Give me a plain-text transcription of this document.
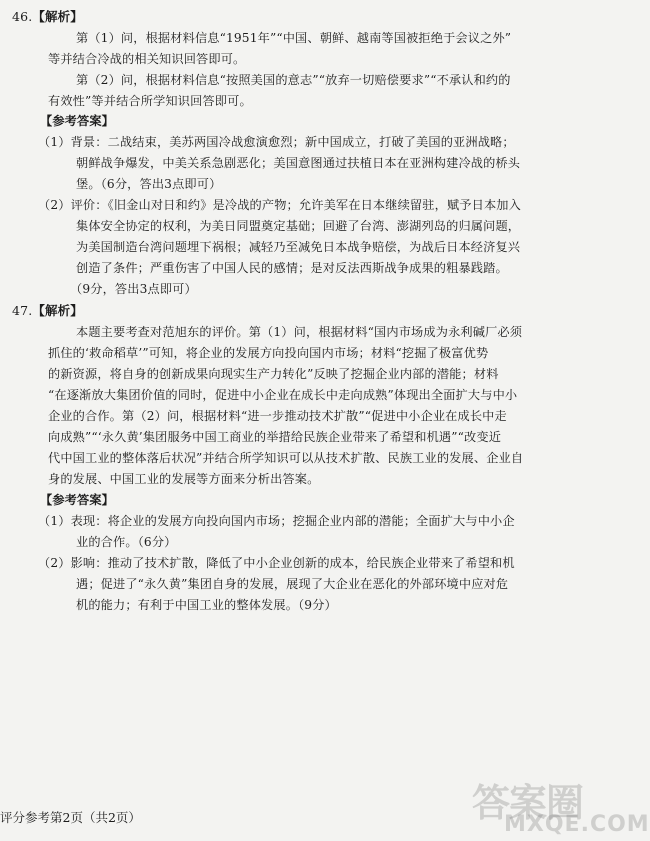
46.【解析】
第（1）问，根据材料信息“1951年”“中国、朝鲜、越南等国被拒绝于会议之外”
等并结合冷战的相关知识回答即可。
第（2）问，根据材料信息“按照美国的意志”“放弃一切赔偿要求”“不承认和约的
有效性”等并结合所学知识回答即可。
【参考答案】
（1）背景：二战结束，美苏两国冷战愈演愈烈；新中国成立，打破了美国的亚洲战略；
朝鲜战争爆发，中美关系急剧恶化；美国意图通过扶植日本在亚洲构建冷战的桥头
堡。（6分，答出3点即可）
（2）评价：《旧金山对日和约》是冷战的产物；允许美军在日本继续留驻，赋予日本加入
集体安全协定的权利，为美日同盟奠定基础；回避了台湾、澎湖列岛的归属问题，
为美国制造台湾问题埋下祸根；减轻乃至减免日本战争赔偿，为战后日本经济复兴
创造了条件；严重伤害了中国人民的感情；是对反法西斯战争成果的粗暴践踏。
（9分，答出3点即可）
47.【解析】
本题主要考查对范旭东的评价。第（1）问，根据材料“国内市场成为永利碱厂必须
抓住的‘救命稻草’”可知，将企业的发展方向投向国内市场；材料“挖掘了极富优势
的新资源，将自身的创新成果向现实生产力转化”反映了挖掘企业内部的潜能；材料
“在逐渐放大集团价值的同时，促进中小企业在成长中走向成熟”体现出全面扩大与中小
企业的合作。第（2）问，根据材料“进一步推动技术扩散”“促进中小企业在成长中走
向成熟”“‘永久黄’集团服务中国工商业的举措给民族企业带来了希望和机遇”“改变近
代中国工业的整体落后状况”并结合所学知识可以从技术扩散、民族工业的发展、企业自
身的发展、中国工业的发展等方面来分析出答案。
【参考答案】
（1）表现：将企业的发展方向投向国内市场；挖掘企业内部的潜能；全面扩大与中小企
业的合作。（6分）
（2）影响：推动了技术扩散，降低了中小企业创新的成本，给民族企业带来了希望和机
遇；促进了“永久黄”集团自身的发展，展现了大企业在恶化的外部环境中应对危
机的能力；有利于中国工业的整体发展。（9分）
评分参考第2页（共2页）	答案圈
MXQE.COM
